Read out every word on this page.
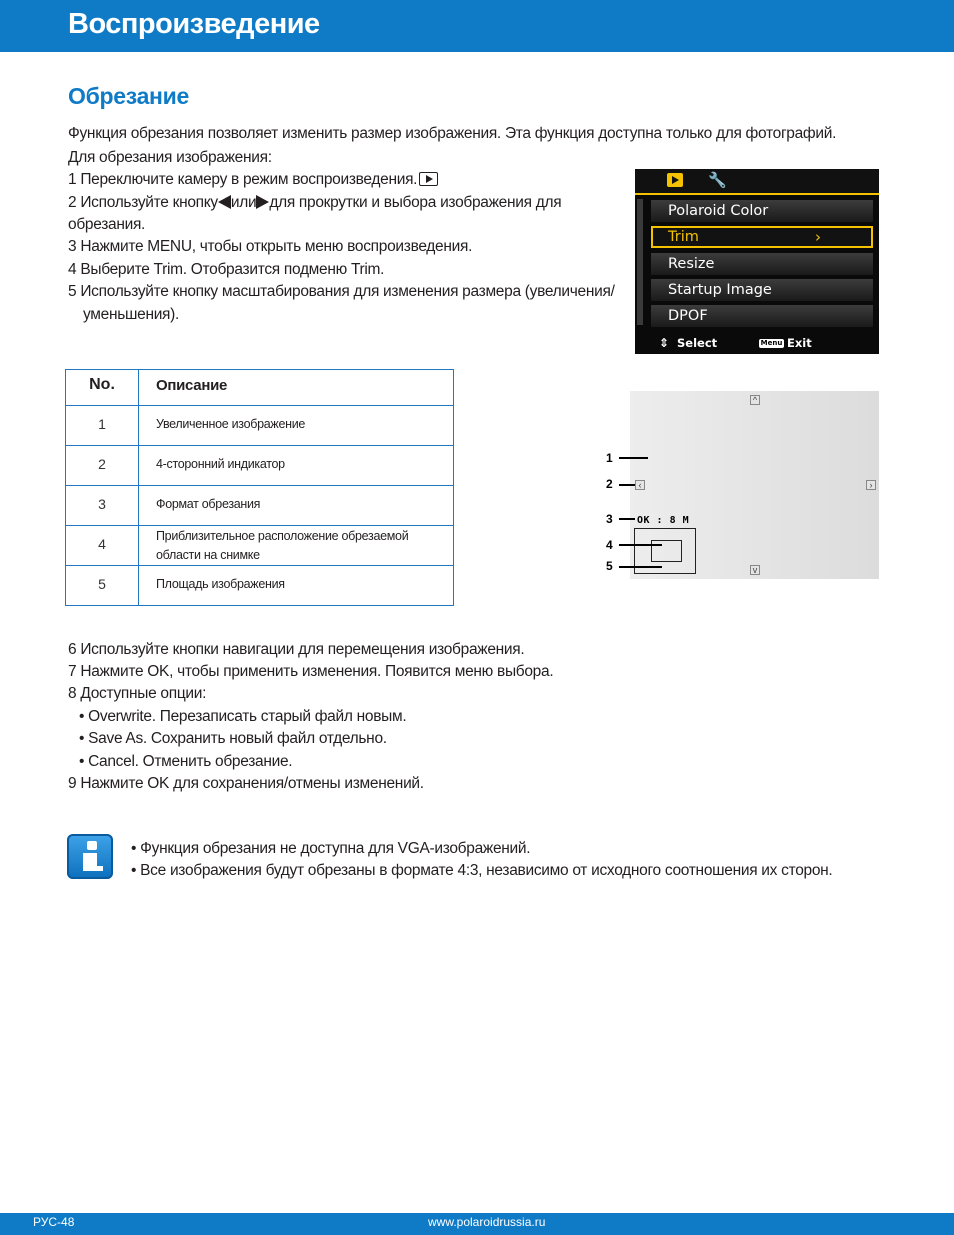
Воспроизведение
Обрезание
Функция обрезания позволяет изменить размер изображения. Эта функция доступна только для фотографий.
Для обрезания изображения:
1 Переключите камеру в режим воспроизведения.
2 Используйте кнопку или для прокрутки и выбора изображения для
обрезания.
3 Нажмите MENU, чтобы открыть меню воспроизведения.
4 Выберите Trim. Отобразится подменю Trim.
5 Используйте кнопку масштабирования для изменения размера (увеличения/
уменьшения).
🔧
Polaroid Color
Trim ›
Resize
Startup Image
DPOF
⇕ Select	Menu Exit
No.	Описание
1	Увеличенное изображение
2	4-сторонний индикатор
3	Формат обрезания
4	Приблизительное расположение обрезаемой
области на снимке
5	Площадь изображения
^
‹	›
v
OK : 8 M
1
2
3
4
5
6 Используйте кнопки навигации для перемещения изображения.
7 Нажмите OK, чтобы применить изменения. Появится меню выбора.
8 Доступные опции:
• Overwrite. Перезаписать старый файл новым.
• Save As. Сохранить новый файл отдельно.
• Cancel. Отменить обрезание.
9 Нажмите OK для сохранения/отмены изменений.
• Функция обрезания не доступна для VGA-изображений.
• Все изображения будут обрезаны в формате 4:3, независимо от исходного соотношения их сторон.
РУС-48	www.polaroidrussia.ru
